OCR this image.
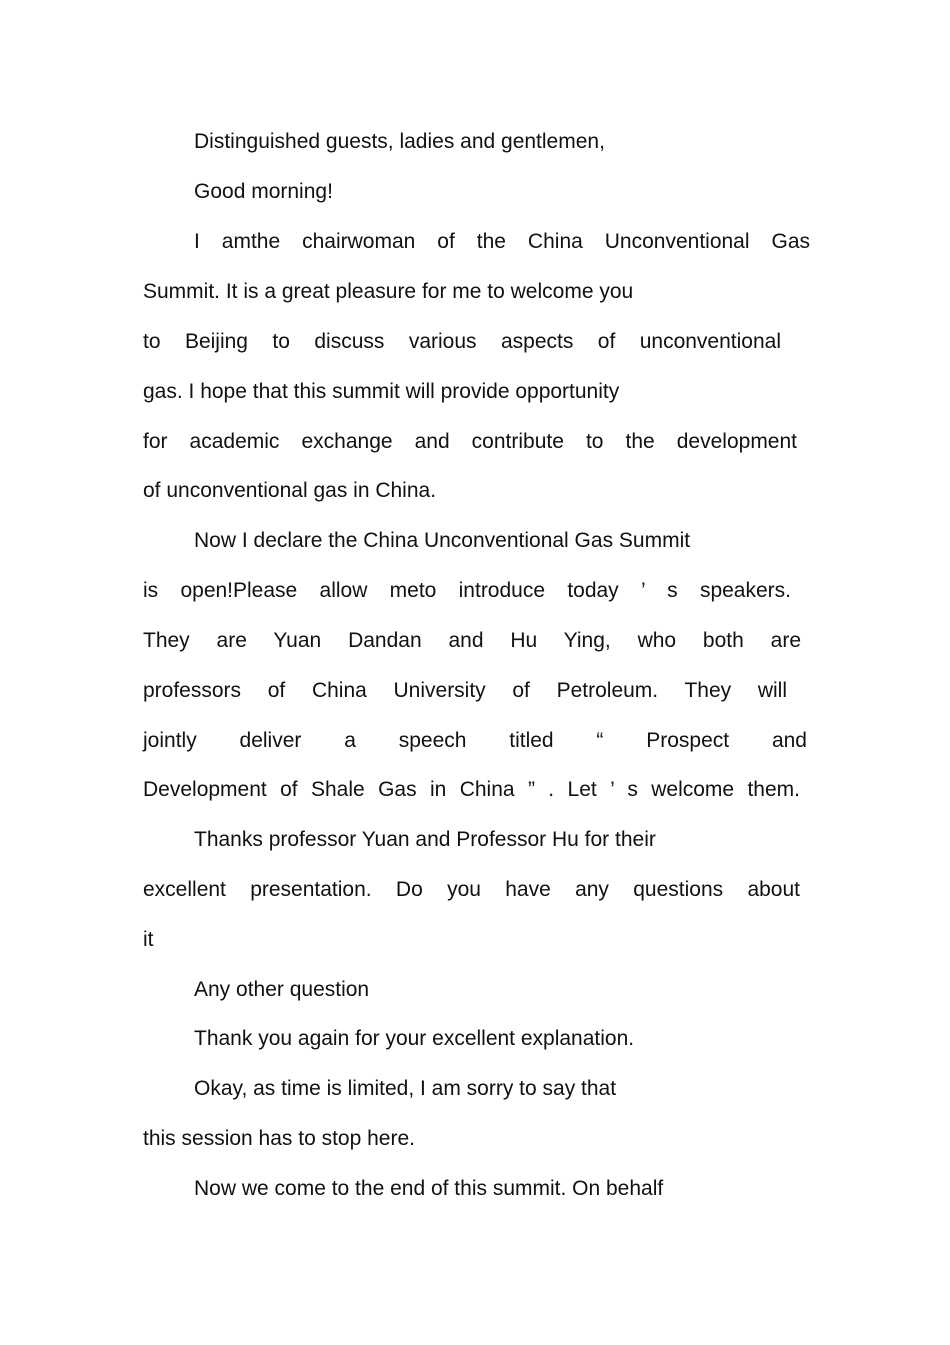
Distinguished guests, ladies and gentlemen,
Good morning!
I amthe chairwoman of the China Unconventional Gas
Summit. It is a great pleasure for me to welcome you
to Beijing to discuss various aspects of unconventional
gas. I hope that this summit will provide opportunity
for academic exchange and contribute to the development
of unconventional gas in China.
Now I declare the China Unconventional Gas Summit
is open!Please allow meto introduce today ’ s speakers.
They are Yuan Dandan and Hu Ying, who both are
professors of China University of Petroleum. They will
jointly deliver a speech titled “ Prospect and
Development of Shale Gas in China ” . Let ’ s welcome them.
Thanks professor Yuan and Professor Hu for their
excellent presentation. Do you have any questions about
it
Any other question
Thank you again for your excellent explanation.
Okay, as time is limited, I am sorry to say that
this session has to stop here.
Now we come to the end of this summit. On behalf
